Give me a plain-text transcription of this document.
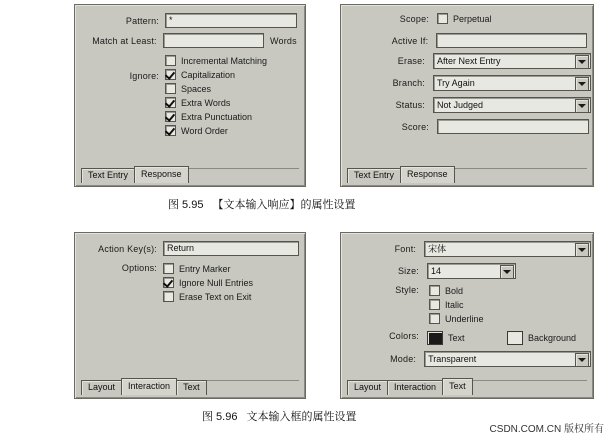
Pattern:	*
Match at Least:	Words
Ignore:
Incremental Matching
Capitalization
Spaces
Extra Words
Extra Punctuation
Word Order
Text Entry	Response
Scope:	Perpetual
Active If:
Erase:	After Next Entry
Branch:	Try Again
Status:	Not Judged
Score:
Text Entry	Response
图 5.95 【文本输入响应】的属性设置
Action Key(s):	Return
Options: Entry Marker
Ignore Null Entries
Erase Text on Exit
Layout	Interaction	Text
Font:	宋体
Size:	14
Style:	Bold
Italic
Underline
Colors:	Text	Background
Mode:	Transparent
Layout	Interaction	Text
图 5.96 文本输入框的属性设置
CSDN.COM.CN 版权所有
